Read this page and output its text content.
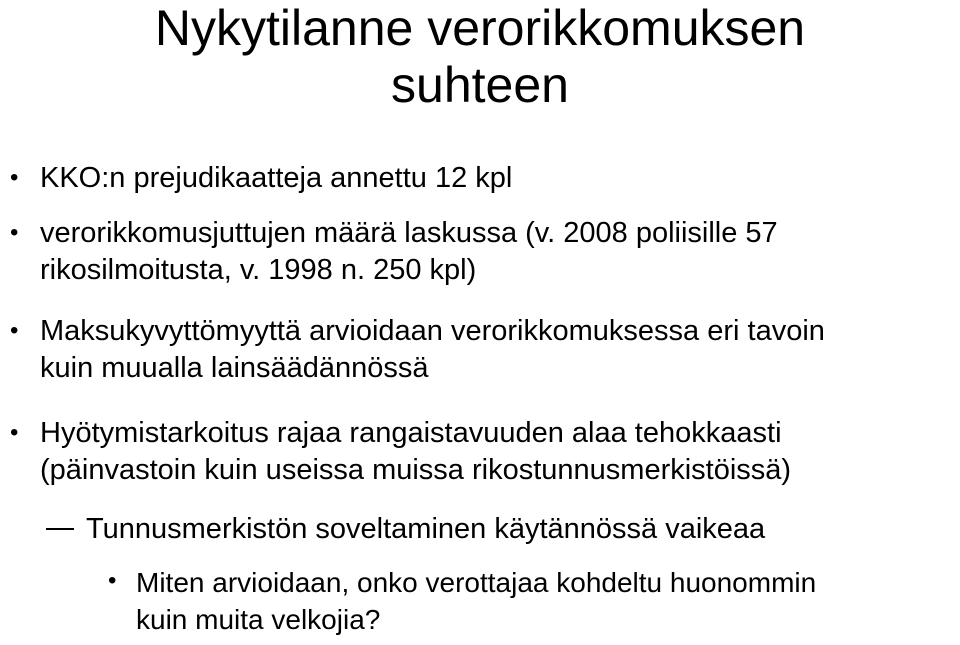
Nykytilanne verorikkomuksen
suhteen
• KKO:n prejudikaatteja annettu 12 kpl
• verorikkomusjuttujen määrä laskussa (v. 2008 poliisille 57
rikosilmoitusta, v. 1998 n. 250 kpl)
• Maksukyvyttömyyttä arvioidaan verorikkomuksessa eri tavoin
kuin muualla lainsäädännössä
• Hyötymistarkoitus rajaa rangaistavuuden alaa tehokkaasti
(päinvastoin kuin useissa muissa rikostunnusmerkistöissä)
Tunnusmerkistön soveltaminen käytännössä vaikeaa
• Miten arvioidaan, onko verottajaa kohdeltu huonommin
kuin muita velkojia?
